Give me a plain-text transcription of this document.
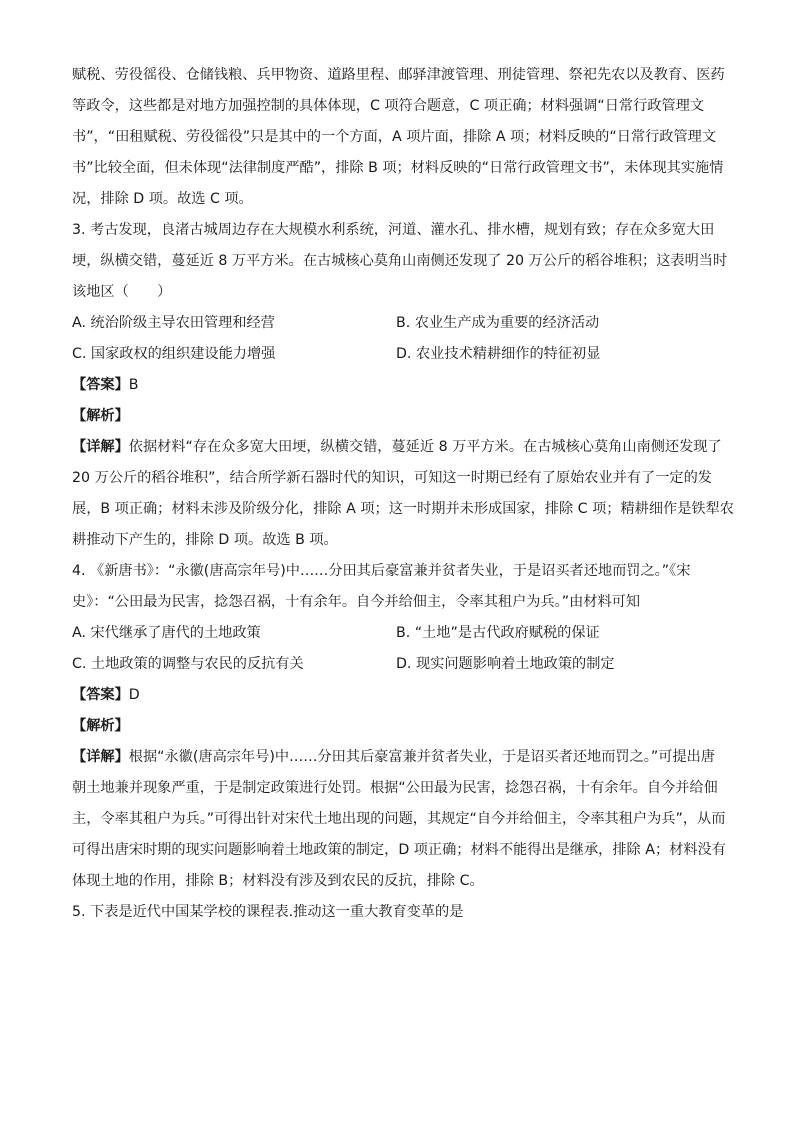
赋税、劳役徭役、仓储钱粮、兵甲物资、道路里程、邮驿津渡管理、刑徒管理、祭祀先农以及教育、医药
等政令，这些都是对地方加强控制的具体体现，C 项符合题意，C 项正确；材料强调“日常行政管理文
书”，“田租赋税、劳役徭役”只是其中的一个方面，A 项片面，排除 A 项；材料反映的“日常行政管理文
书”比较全面，但未体现“法律制度严酷”，排除 B 项；材料反映的“日常行政管理文书”，未体现其实施情
况，排除 D 项。故选 C 项。
3. 考古发现，良渚古城周边存在大规模水利系统，河道、灌水孔、排水槽，规划有致；存在众多宽大田
埂，纵横交错，蔓延近 8 万平方米。在古城核心莫角山南侧还发现了 20 万公斤的稻谷堆积；这表明当时
该地区（　　）
A. 统治阶级主导农田管理和经营	B. 农业生产成为重要的经济活动
C. 国家政权的组织建设能力增强	D. 农业技术精耕细作的特征初显
【答案】B
【解析】
【详解】依据材料“存在众多宽大田埂，纵横交错，蔓延近 8 万平方米。在古城核心莫角山南侧还发现了
20 万公斤的稻谷堆积”，结合所学新石器时代的知识，可知这一时期已经有了原始农业并有了一定的发
展，B 项正确；材料未涉及阶级分化，排除 A 项；这一时期并未形成国家，排除 C 项；精耕细作是铁犁农
耕推动下产生的，排除 D 项。故选 B 项。
4. 《新唐书》：“永徽(唐高宗年号)中……分田其后豪富兼并贫者失业，于是诏买者还地而罚之。”《宋
史》：“公田最为民害，捻怨召祸，十有余年。自今并给佃主，令率其租户为兵。”由材料可知
A. 宋代继承了唐代的土地政策	B. “土地”是古代政府赋税的保证
C. 土地政策的调整与农民的反抗有关	D. 现实问题影响着土地政策的制定
【答案】D
【解析】
【详解】根据“永徽(唐高宗年号)中……分田其后豪富兼并贫者失业，于是诏买者还地而罚之。”可提出唐
朝土地兼并现象严重，于是制定政策进行处罚。根据“公田最为民害，捻怨召祸，十有余年。自今并给佃
主，令率其租户为兵。”可得出针对宋代土地出现的问题，其规定“自今并给佃主，令率其租户为兵”，从而
可得出唐宋时期的现实问题影响着土地政策的制定，D 项正确；材料不能得出是继承，排除 A；材料没有
体现土地的作用，排除 B；材料没有涉及到农民的反抗，排除 C。
5. 下表是近代中国某学校的课程表.推动这一重大教育变革的是
